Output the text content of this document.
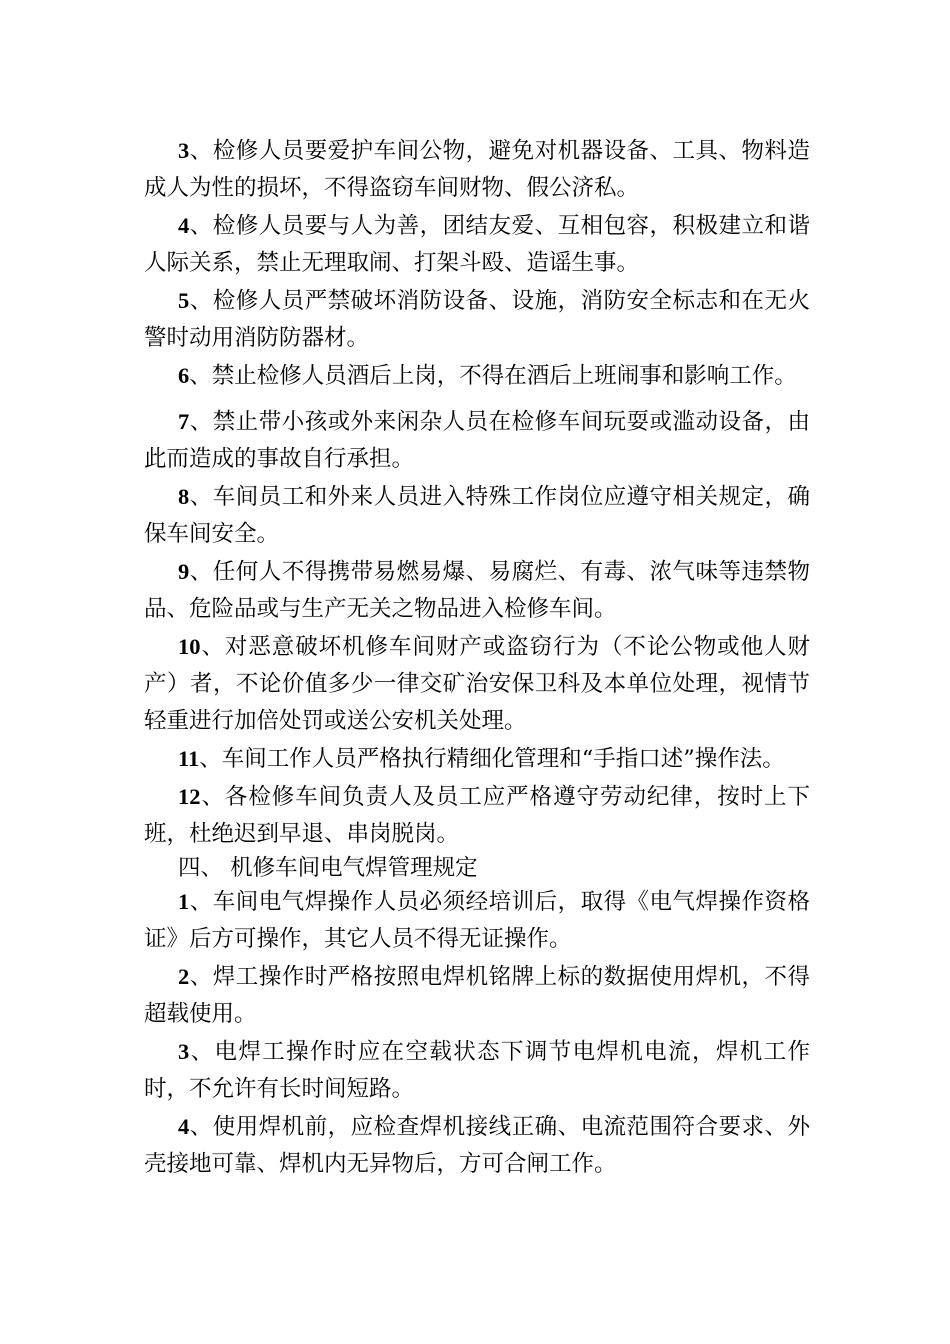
3、检修人员要爱护车间公物，避免对机器设备、工具、物料造成人为性的损坏，不得盗窃车间财物、假公济私。

4、检修人员要与人为善，团结友爱、互相包容，积极建立和谐人际关系，禁止无理取闹、打架斗殴、造谣生事。

5、检修人员严禁破坏消防设备、设施，消防安全标志和在无火警时动用消防防器材。

6、禁止检修人员酒后上岗，不得在酒后上班闹事和影响工作。

7、禁止带小孩或外来闲杂人员在检修车间玩耍或滥动设备，由此而造成的事故自行承担。

8、车间员工和外来人员进入特殊工作岗位应遵守相关规定，确保车间安全。

9、任何人不得携带易燃易爆、易腐烂、有毒、浓气味等违禁物品、危险品或与生产无关之物品进入检修车间。

10、对恶意破坏机修车间财产或盗窃行为（不论公物或他人财产）者，不论价值多少一律交矿治安保卫科及本单位处理，视情节轻重进行加倍处罚或送公安机关处理。

11、车间工作人员严格执行精细化管理和“手指口述”操作法。

12、各检修车间负责人及员工应严格遵守劳动纪律，按时上下班，杜绝迟到早退、串岗脱岗。

四、 机修车间电气焊管理规定

1、车间电气焊操作人员必须经培训后，取得《电气焊操作资格证》后方可操作，其它人员不得无证操作。

2、焊工操作时严格按照电焊机铭牌上标的数据使用焊机，不得超载使用。

3、电焊工操作时应在空载状态下调节电焊机电流，焊机工作时，不允许有长时间短路。

4、使用焊机前，应检查焊机接线正确、电流范围符合要求、外壳接地可靠、焊机内无异物后，方可合闸工作。
